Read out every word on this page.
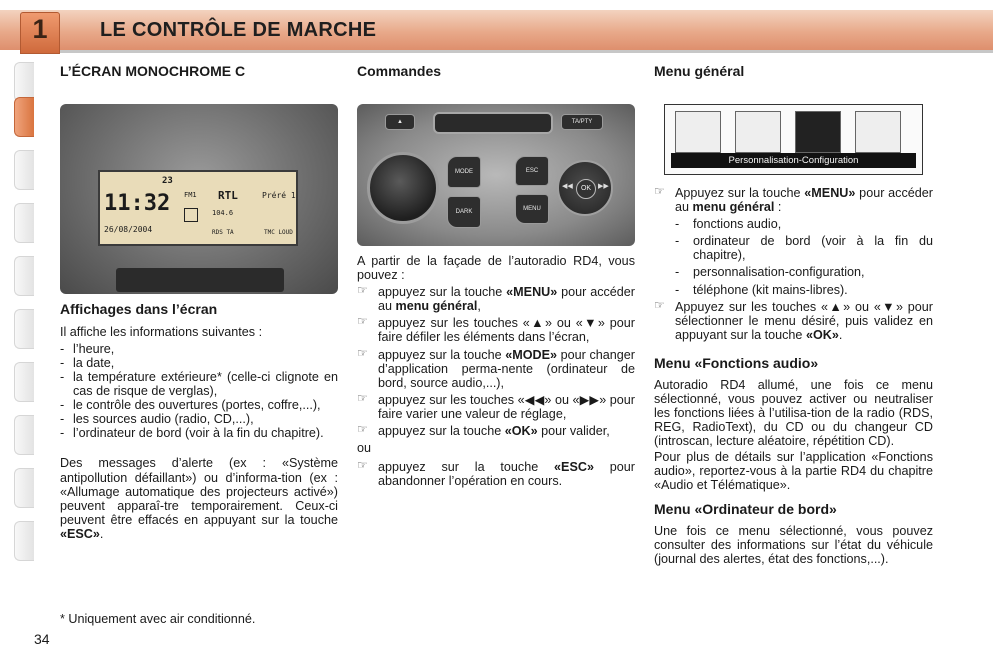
1	LE CONTRÔLE DE MARCHE
L’ÉCRAN MONOCHROME C
23
11:32
26/08/2004
FM1 RTL	Préré 1
104.6
RDS TA	TMC LOUD
Affichages dans l’écran

Il affiche les informations suivantes :

- l’heure,
- la date,
- la température extérieure* (celle-ci clignote en cas de risque de verglas),
- le contrôle des ouvertures (portes, coffre,...),
- les sources audio (radio, CD,...),
- l’ordinateur de bord (voir à la fin du chapitre).

Des messages d’alerte (ex : «Système antipollution défaillant») ou d’informa-tion (ex : «Allumage automatique des projecteurs activé») peuvent apparaî-tre temporairement. Ceux-ci peuvent être effacés en appuyant sur la touche «ESC».

* Uniquement avec air conditionné.

Commandes
▲	TA/PTY
MODE
DARK
ESC
MENU
OK
◀◀	▶▶

A partir de la façade de l’autoradio RD4, vous pouvez :

☞ appuyez sur la touche «MENU» pour accéder au menu général,
☞ appuyez sur les touches «▲» ou «▼» pour faire défiler les éléments dans l’écran,
☞ appuyez sur la touche «MODE» pour changer d’application perma-nente (ordinateur de bord, source audio,...),
☞ appuyez sur les touches «◀◀» ou «▶▶» pour faire varier une valeur de réglage,
☞ appuyez sur la touche «OK» pour valider,

ou

☞ appuyez sur la touche «ESC» pour abandonner l’opération en cours.
Menu général
Personnalisation-Configuration
☞ Appuyez sur la touche «MENU» pour accéder au menu général :
- fonctions audio,
- ordinateur de bord (voir à la fin du chapitre),
- personnalisation-configuration,
- téléphone (kit mains-libres).
☞ Appuyez sur les touches «▲» ou «▼» pour sélectionner le menu désiré, puis validez en appuyant sur la touche «OK».
Menu «Fonctions audio»

Autoradio RD4 allumé, une fois ce menu sélectionné, vous pouvez activer ou neutraliser les fonctions liées à l’utilisa-tion de la radio (RDS, REG, RadioText), du CD ou du changeur CD (introscan, lecture aléatoire, répétition CD).

Pour plus de détails sur l’application «Fonctions audio», reportez-vous à la partie RD4 du chapitre «Audio et Télématique».

Menu «Ordinateur de bord»

Une fois ce menu sélectionné, vous pouvez consulter des informations sur l’état du véhicule (journal des alertes, état des fonctions,...).

34
